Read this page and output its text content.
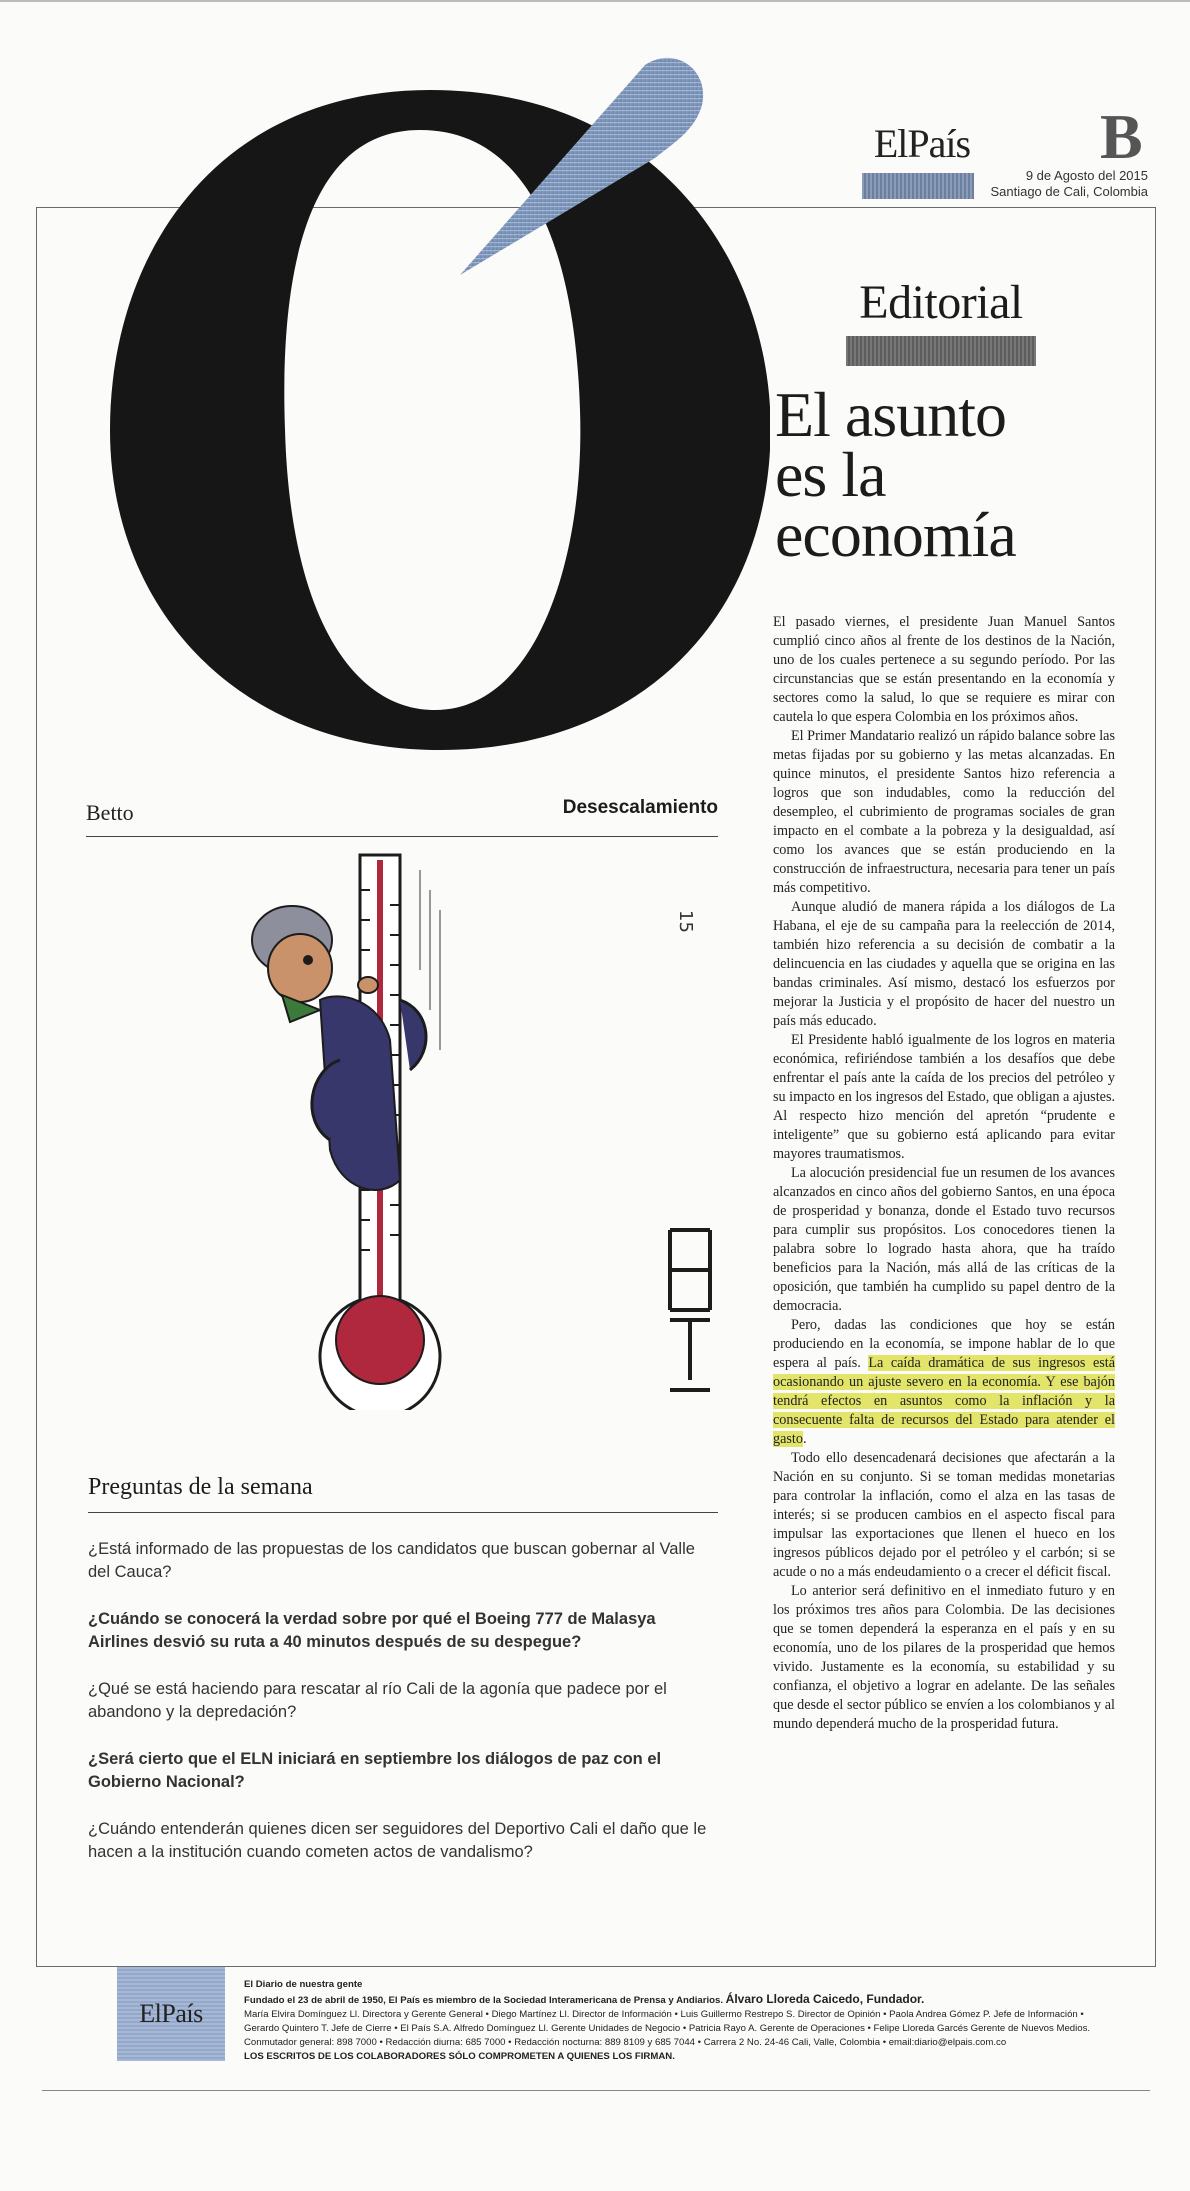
ElPaís B
9 de Agosto del 2015
Santiago de Cali, Colombia
Editorial
El asunto
es la
economía

El pasado viernes, el presidente Juan Manuel Santos cumplió cinco años al frente de los destinos de la Nación, uno de los cuales pertenece a su segundo período. Por las circunstancias que se están presentando en la economía y sectores como la salud, lo que se requiere es mirar con cautela lo que espera Colombia en los próximos años.

El Primer Mandatario realizó un rápido balance sobre las metas fijadas por su gobierno y las metas alcanzadas. En quince minutos, el presidente Santos hizo referencia a logros que son indudables, como la reducción del desempleo, el cubrimiento de programas sociales de gran impacto en el combate a la pobreza y la desigualdad, así como los avances que se están produciendo en la construcción de infraestructura, necesaria para tener un país más competitivo.

Aunque aludió de manera rápida a los diálogos de La Habana, el eje de su campaña para la reelección de 2014, también hizo referencia a su decisión de combatir a la delincuencia en las ciudades y aquella que se origina en las bandas criminales. Así mismo, destacó los esfuerzos por mejorar la Justicia y el propósito de hacer del nuestro un país más educado.

El Presidente habló igualmente de los logros en materia económica, refiriéndose también a los desafíos que debe enfrentar el país ante la caída de los precios del petróleo y su impacto en los ingresos del Estado, que obligan a ajustes. Al respecto hizo mención del apretón “prudente e inteligente” que su gobierno está aplicando para evitar mayores traumatismos.

La alocución presidencial fue un resumen de los avances alcanzados en cinco años del gobierno Santos, en una época de prosperidad y bonanza, donde el Estado tuvo recursos para cumplir sus propósitos. Los conocedores tienen la palabra sobre lo logrado hasta ahora, que ha traído beneficios para la Nación, más allá de las críticas de la oposición, que también ha cumplido su papel dentro de la democracia.

Pero, dadas las condiciones que hoy se están produciendo en la economía, se impone hablar de lo que espera al país. La caída dramática de sus ingresos está ocasionando un ajuste severo en la economía. Y ese bajón tendrá efectos en asuntos como la inflación y la consecuente falta de recursos del Estado para atender el gasto.

Todo ello desencadenará decisiones que afectarán a la Nación en su conjunto. Si se toman medidas monetarias para controlar la inflación, como el alza en las tasas de interés; si se producen cambios en el aspecto fiscal para impulsar las exportaciones que llenen el hueco en los ingresos públicos dejado por el petróleo y el carbón; si se acude o no a más endeudamiento o a crecer el déficit fiscal.

Lo anterior será definitivo en el inmediato futuro y en los próximos tres años para Colombia. De las decisiones que se tomen dependerá la esperanza en el país y en su economía, uno de los pilares de la prosperidad que hemos vivido. Justamente es la economía, su estabilidad y su confianza, el objetivo a lograr en adelante. De las señales que desde el sector público se envíen a los colombianos y al mundo dependerá mucho de la prosperidad futura.

Betto	Desescalamiento
15
Preguntas de la semana
¿Está informado de las propuestas de los candidatos que buscan gobernar al Valle del Cauca?
¿Cuándo se conocerá la verdad sobre por qué el Boeing 777 de Malasya Airlines desvió su ruta a 40 minutos después de su despegue?
¿Qué se está haciendo para rescatar al río Cali de la agonía que padece por el abandono y la depredación?
¿Será cierto que el ELN iniciará en septiembre los diálogos de paz con el Gobierno Nacional?
¿Cuándo entenderán quienes dicen ser seguidores del Deportivo Cali el daño que le hacen a la institución cuando cometen actos de vandalismo?
ElPaís
El Diario de nuestra gente
Fundado el 23 de abril de 1950, El País es miembro de la Sociedad Interamericana de Prensa y Andiarios. Álvaro Lloreda Caicedo, Fundador.
María Elvira Domínguez Ll. Directora y Gerente General • Diego Martínez Ll. Director de Información • Luis Guillermo Restrepo S. Director de Opinión • Paola Andrea Gómez P. Jefe de Información •
Gerardo Quintero T. Jefe de Cierre • El País S.A. Alfredo Domínguez Ll. Gerente Unidades de Negocio • Patricia Rayo A. Gerente de Operaciones • Felipe Lloreda Garcés Gerente de Nuevos Medios.
Conmutador general: 898 7000 • Redacción diurna: 685 7000 • Redacción nocturna: 889 8109 y 685 7044 • Carrera 2 No. 24-46 Cali, Valle, Colombia • email:diario@elpais.com.co
LOS ESCRITOS DE LOS COLABORADORES SÓLO COMPROMETEN A QUIENES LOS FIRMAN.
